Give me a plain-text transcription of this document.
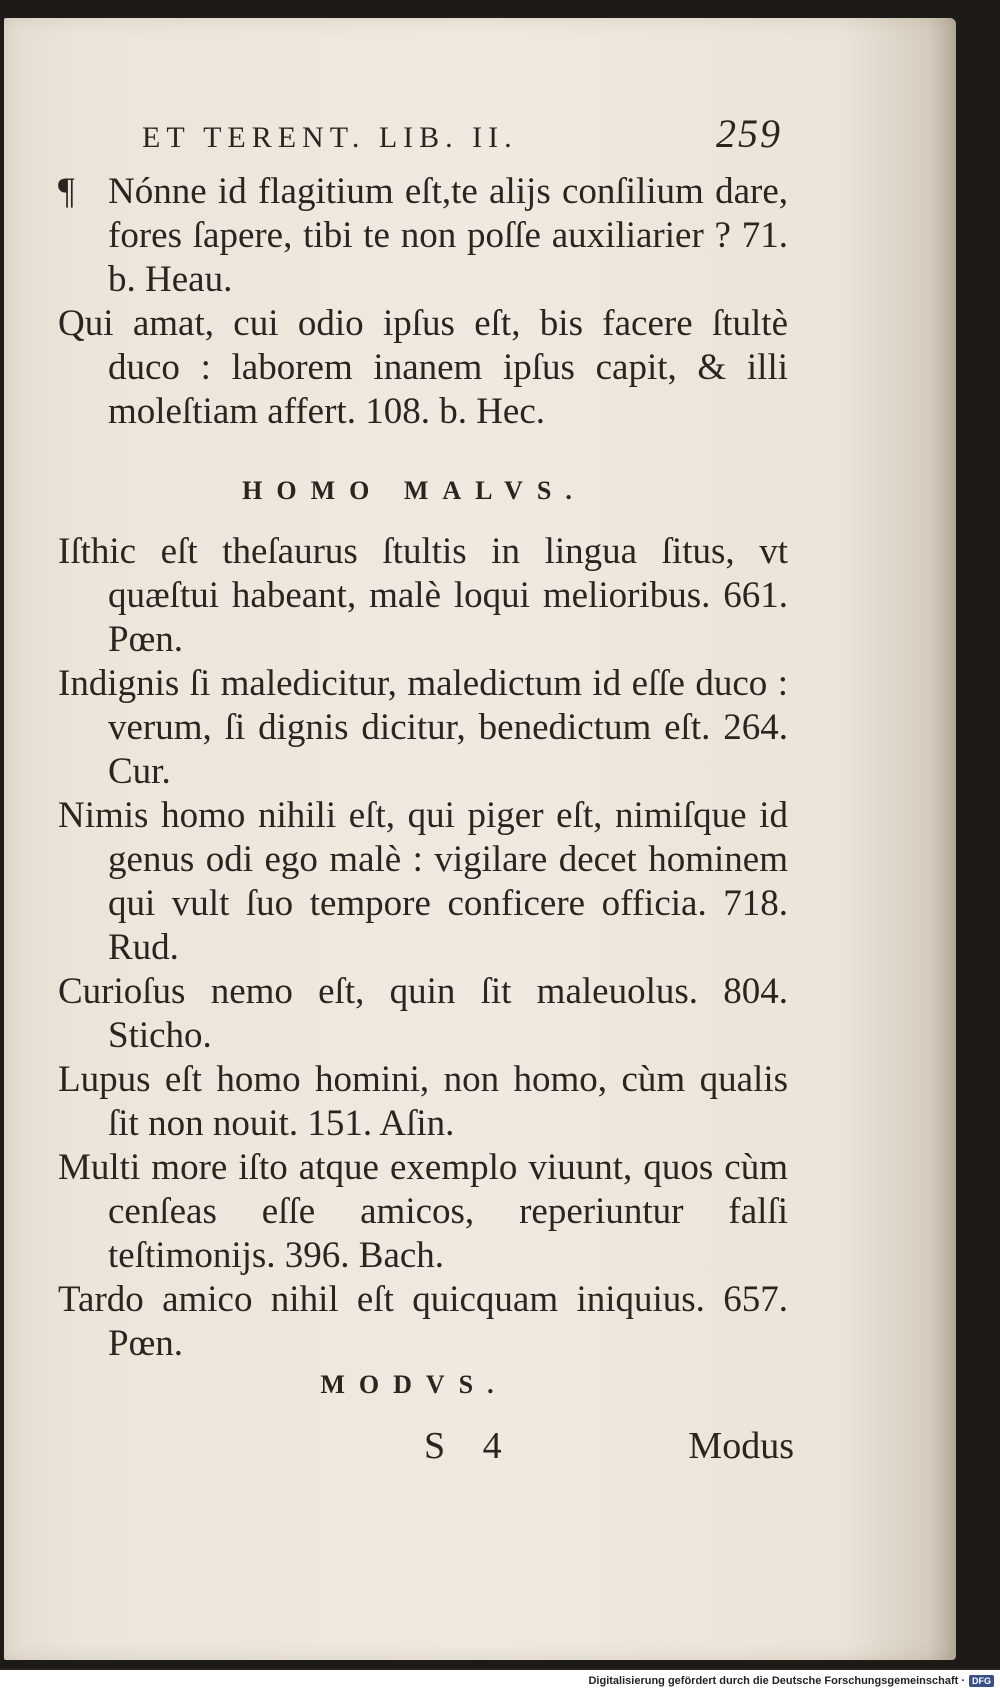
ET TERENT. LIB. II.	259

¶ Nónne id flagitium eſt,te alijs conſilium dare, fores ſapere, tibi te non poſſe auxiliarier ? 71. b. Heau.

Qui amat, cui odio ipſus eſt, bis facere ſtultè duco : laborem inanem ipſus capit, & illi moleſtiam affert. 108. b. Hec.

HOMO MALVS.

Iſthic eſt theſaurus ſtultis in lingua ſitus, vt quæſtui habeant, malè loqui melioribus. 661. Pœn.

Indignis ſi maledicitur, maledictum id eſſe duco : verum, ſi dignis dicitur, benedictum eſt. 264. Cur.

Nimis homo nihili eſt, qui piger eſt, nimiſque id genus odi ego malè : vigilare decet hominem qui vult ſuo tempore conficere officia. 718. Rud.

Curioſus nemo eſt, quin ſit maleuolus. 804. Sticho.

Lupus eſt homo homini, non homo, cùm qualis ſit non nouit. 151. Aſin.

Multi more iſto atque exemplo viuunt, quos cùm cenſeas eſſe amicos, reperiuntur falſi teſtimonijs. 396. Bach.

Tardo amico nihil eſt quicquam iniquius. 657. Pœn.

MODVS.

S 4	Modus
Digitalisierung gefördert durch die Deutsche Forschungsgemeinschaft · DFG
